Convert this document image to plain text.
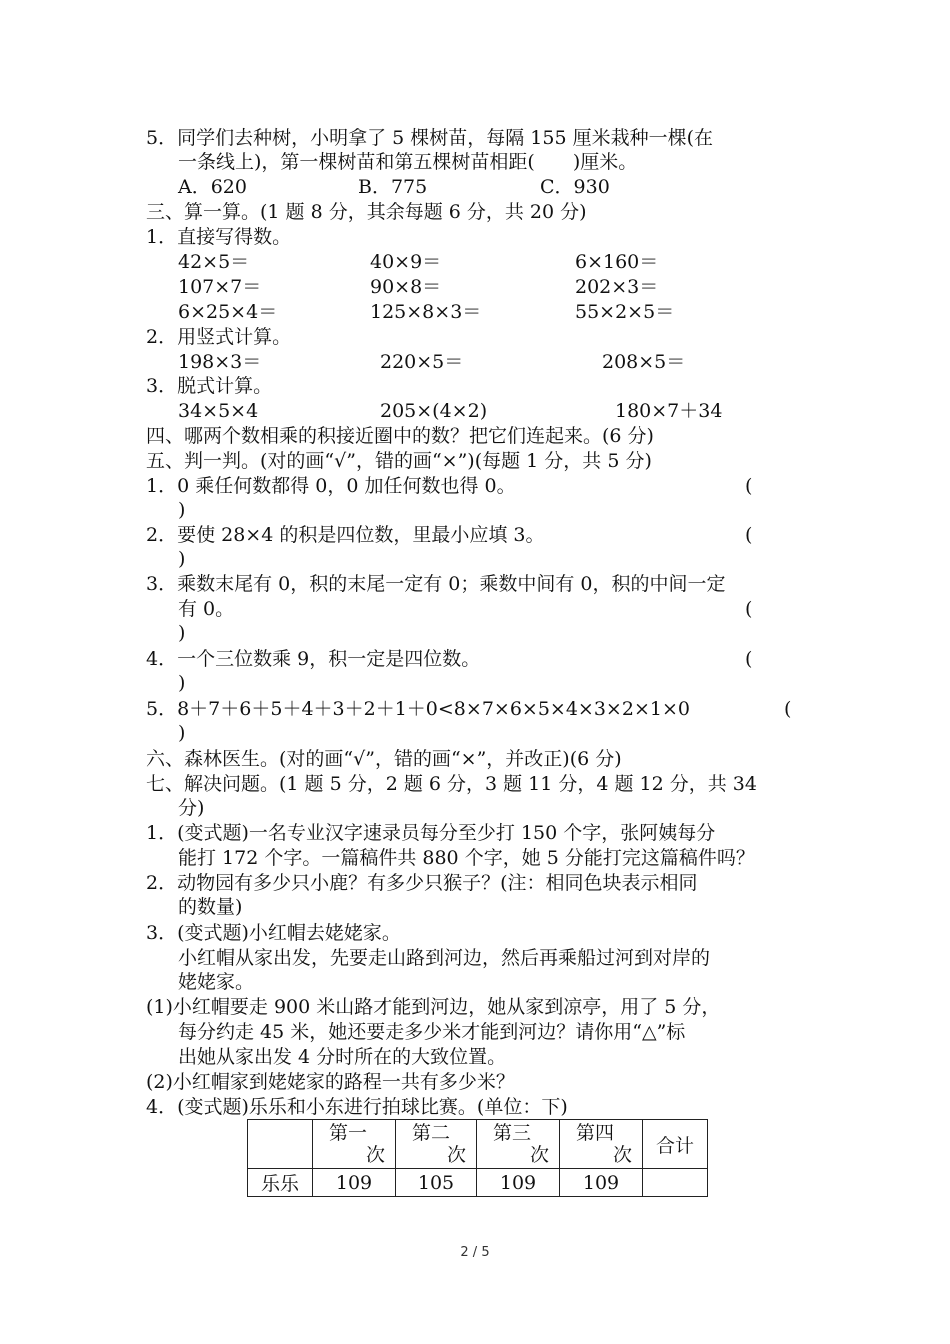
5．同学们去种树，小明拿了 5 棵树苗，每隔 155 厘米栽种一棵(在
一条线上)，第一棵树苗和第五棵树苗相距(　　)厘米。
A．620	B．775	C．930
三、算一算。(1 题 8 分，其余每题 6 分，共 20 分)
1．直接写得数。
42×5＝	40×9＝	6×160＝
107×7＝	90×8＝	202×3＝
6×25×4＝	125×8×3＝	55×2×5＝
2．用竖式计算。
198×3＝	220×5＝	208×5＝
3．脱式计算。
34×5×4	205×(4×2)	180×7＋34
四、哪两个数相乘的积接近圈中的数？把它们连起来。(6 分)
五、判一判。(对的画“√”，错的画“×”)(每题 1 分，共 5 分)
1．0 乘任何数都得 0，0 加任何数也得 0。	(
)
2．要使 28×4 的积是四位数，里最小应填 3。	(
)
3．乘数末尾有 0，积的末尾一定有 0；乘数中间有 0，积的中间一定
有 0。	(
)
4．一个三位数乘 9，积一定是四位数。	(
)
5．8＋7＋6＋5＋4＋3＋2＋1＋0<8×7×6×5×4×3×2×1×0	(
)
六、森林医生。(对的画“√”，错的画“×”，并改正)(6 分)
七、解决问题。(1 题 5 分，2 题 6 分，3 题 11 分，4 题 12 分，共 34
分)
1．(变式题)一名专业汉字速录员每分至少打 150 个字，张阿姨每分
能打 172 个字。一篇稿件共 880 个字，她 5 分能打完这篇稿件吗？
2．动物园有多少只小鹿？有多少只猴子？(注：相同色块表示相同
的数量)
3．(变式题)小红帽去姥姥家。
小红帽从家出发，先要走山路到河边，然后再乘船过河到对岸的
姥姥家。
(1)小红帽要走 900 米山路才能到河边，她从家到凉亭，用了 5 分，
每分约走 45 米，她还要走多少米才能到河边？请你用“△”标
出她从家出发 4 分时所在的大致位置。
(2)小红帽家到姥姥家的路程一共有多少米？
4．(变式题)乐乐和小东进行拍球比赛。(单位：下)

	第一
次	第二
次	第三
次	第四
次	合计
乐乐	109	105	109	109	
2 / 5
